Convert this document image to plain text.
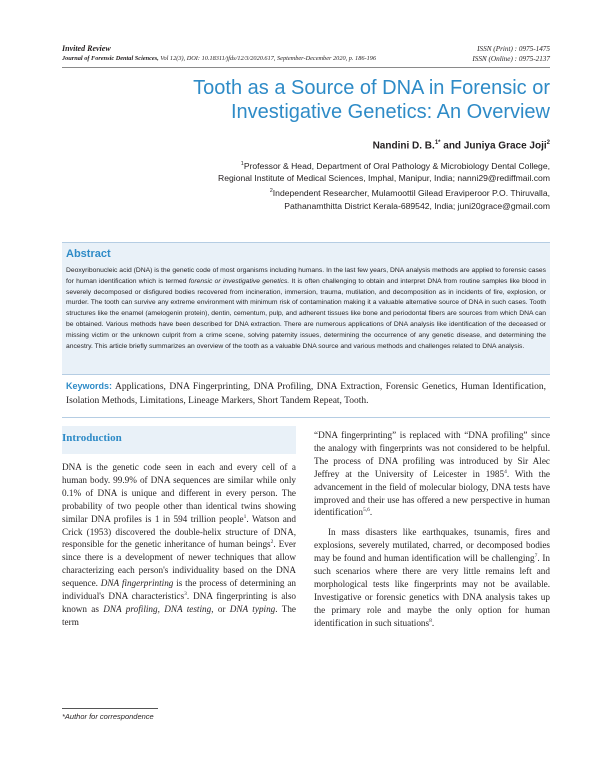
Invited Review
Journal of Forensic Dental Sciences, Vol 12(3), DOI: 10.18311/jfds/12/3/2020.617, September-December 2020, p. 186-196
ISSN (Print) : 0975-1475
ISSN (Online) : 0975-2137
Tooth as a Source of DNA in Forensic or Investigative Genetics: An Overview
Nandini D. B.$^{1*}$ and Juniya Grace Joji$^2$
$^1$Professor & Head, Department of Oral Pathology & Microbiology Dental College,
Regional Institute of Medical Sciences, Imphal, Manipur, India; nanni29@rediffmail.com
$^2$Independent Researcher, Mulamoottil Gilead Eraviperoor P.O. Thiruvalla,
Pathanamthitta District Kerala-689542, India; juni20grace@gmail.com
Abstract

Deoxyribonucleic acid (DNA) is the genetic code of most organisms including humans. In the last few years, DNA analysis methods are applied to forensic cases for human identification which is termed forensic or investigative genetics. It is often challenging to obtain and interpret DNA from routine samples like blood in severely decomposed or disfigured bodies recovered from incineration, immersion, trauma, mutilation, and decomposition as in incidents of fire, explosion, or murder. The tooth can survive any extreme environment with minimum risk of contamination making it a valuable alternative source of DNA in such cases. Tooth structures like the enamel (amelogenin protein), dentin, cementum, pulp, and adherent tissues like bone and periodontal fibers are sources from which DNA can be obtained. Various methods have been described for DNA extraction. There are numerous applications of DNA analysis like identification of the deceased or missing victim or the unknown culprit from a crime scene, solving paternity issues, determining the occurrence of any genetic disease, and determining the ancestry. This article briefly summarizes an overview of the tooth as a valuable DNA source and various methods and challenges related to DNA analysis.

Keywords: Applications, DNA Fingerprinting, DNA Profiling, DNA Extraction, Forensic Genetics, Human Identification, Isolation Methods, Limitations, Lineage Markers, Short Tandem Repeat, Tooth.
Introduction

DNA is the genetic code seen in each and every cell of a human body. 99.9% of DNA sequences are similar while only 0.1% of DNA is unique and different in every person. The probability of two people other than identical twins showing similar DNA profiles is 1 in 594 trillion people$^1$. Watson and Crick (1953) discovered the double-helix structure of DNA, responsible for the genetic inheritance of human beings$^2$. Ever since there is a development of newer techniques that allow characterizing each person's individuality based on the DNA sequence. DNA fingerprinting is the process of determining an individual's DNA characteristics$^3$. DNA fingerprinting is also known as DNA profiling, DNA testing, or DNA typing. The term

“DNA fingerprinting” is replaced with “DNA profiling” since the analogy with fingerprints was not considered to be helpful. The process of DNA profiling was introduced by Sir Alec Jeffrey at the University of Leicester in 1985$^4$. With the advancement in the field of molecular biology, DNA tests have improved and their use has offered a new perspective in human identification$^{5,6}$.

In mass disasters like earthquakes, tsunamis, fires and explosions, severely mutilated, charred, or decomposed bodies may be found and human identification will be challenging$^7$. In such scenarios where there are very little remains left and morphological tests like fingerprints may not be available. Investigative or forensic genetics with DNA analysis takes up the primary role and maybe the only option for human identification in such situations$^8$.

*Author for correspondence
